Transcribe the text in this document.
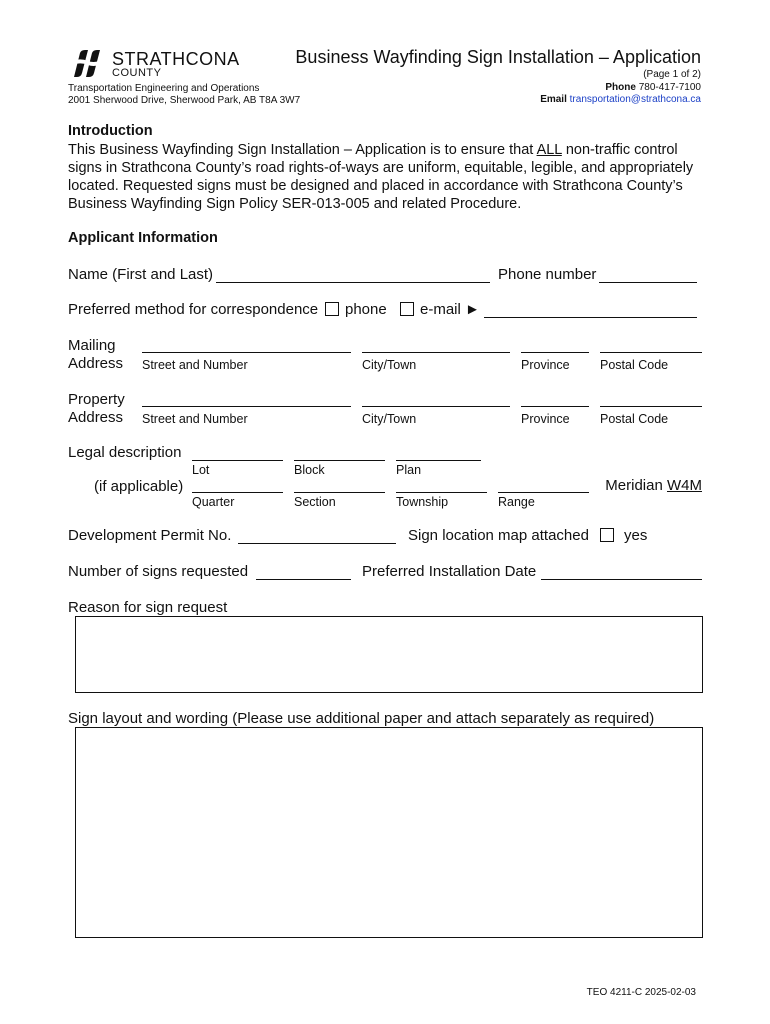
STRATHCONA
COUNTY
Transportation Engineering and Operations
2001 Sherwood Drive, Sherwood Park, AB T8A 3W7
Business Wayfinding Sign Installation – Application
(Page 1 of 2)
Phone 780-417-7100
Email transportation@strathcona.ca
Introduction
This Business Wayfinding Sign Installation – Application is to ensure that ALL non-traffic control signs in Strathcona County’s road rights-of-ways are uniform, equitable, legible, and appropriately located. Requested signs must be designed and placed in accordance with Strathcona County’s Business Wayfinding Sign Policy SER-013-005 and related Procedure.
Applicant Information
Name (First and Last)	Phone number
Preferred method for correspondence phone e-mail ►
Mailing
Address Street and Number	City/Town	Province Postal Code
Property
Address Street and Number	City/Town	Province Postal Code
Legal description
Lot	Block	Plan
(if applicable)
Quarter	Section	Township	Range
Meridian W4M
Development Permit No.	Sign location map attached yes
Number of signs requested	Preferred Installation Date
Reason for sign request
Sign layout and wording (Please use additional paper and attach separately as required)
TEO 4211-C 2025-02-03
